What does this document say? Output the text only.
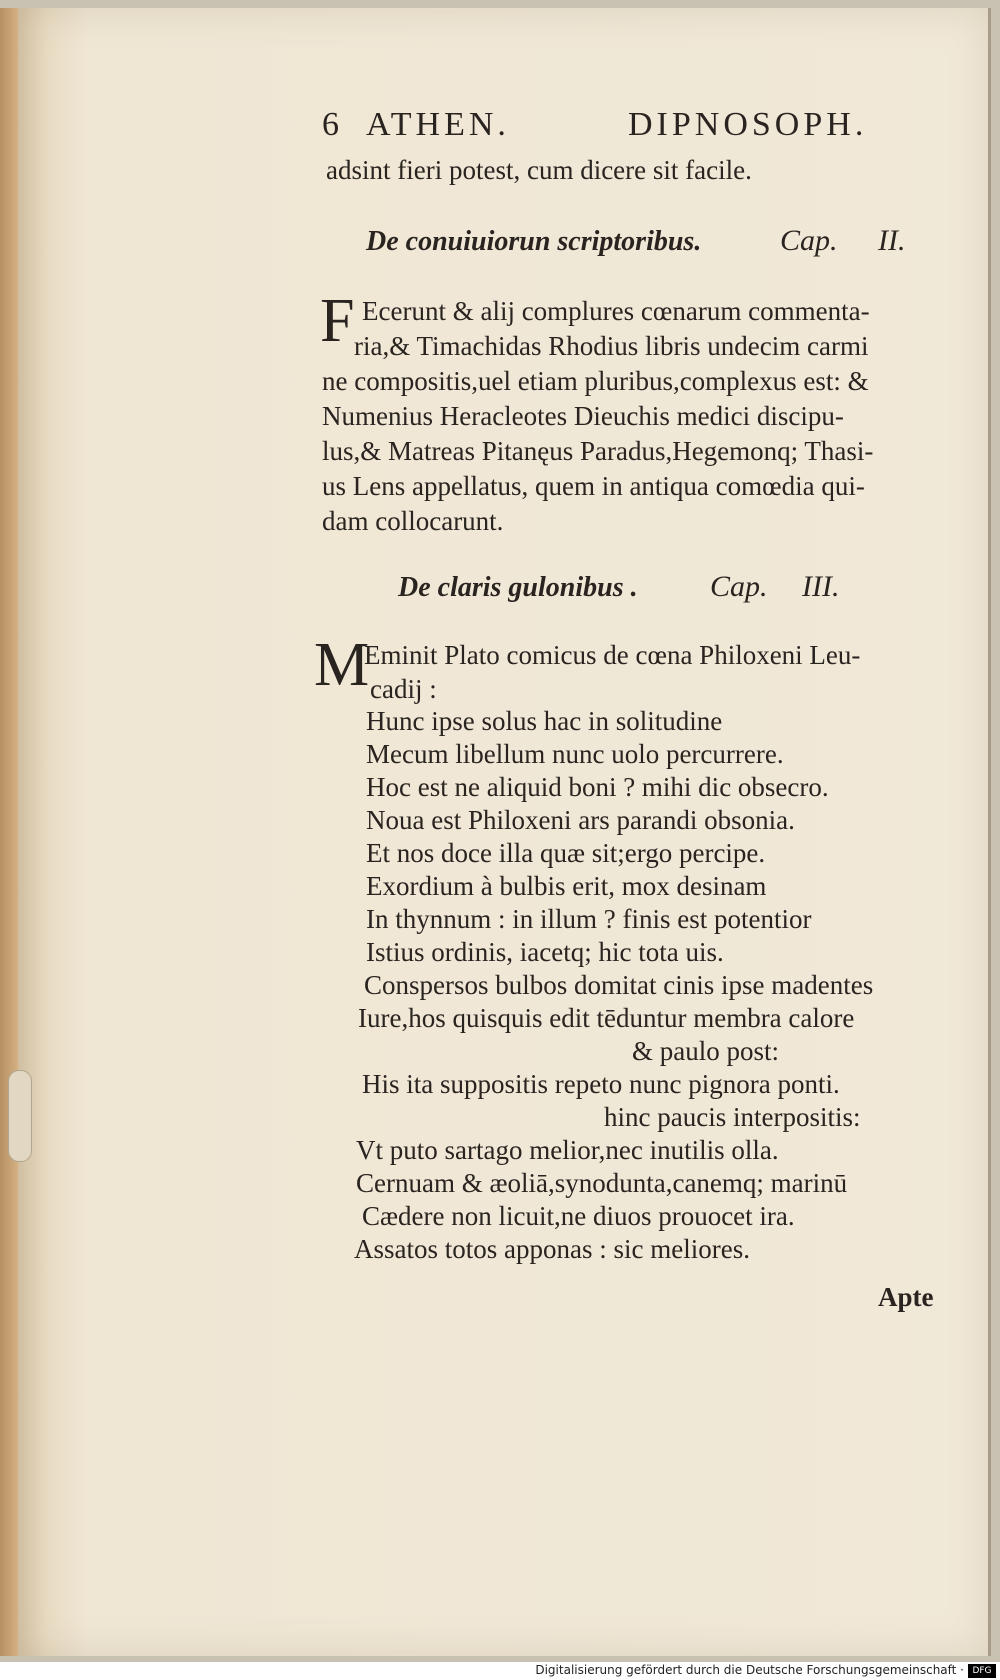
6 ATHEN.	DIPNOSOPH.
adsint fieri potest, cum dicere sit facile.
De conuiuiorun scriptoribus.	Cap. II.
F Ecerunt & alij complures cœnarum commenta-
ria,& Timachidas Rhodius libris undecim carmi
ne compositis,uel etiam pluribus,complexus est: &
Numenius Heracleotes Dieuchis medici discipu-
lus,& Matreas Pitanęus Paradus,Hegemonq; Thasi-
us Lens appellatus, quem in antiqua comœdia qui-
dam collocarunt.
De claris gulonibus . Cap. III.
M
Eminit Plato comicus de cœna Philoxeni Leu-
cadij :
Hunc ipse solus hac in solitudine
Mecum libellum nunc uolo percurrere.
Hoc est ne aliquid boni ? mihi dic obsecro.
Noua est Philoxeni ars parandi obsonia.
Et nos doce illa quæ sit;ergo percipe.
Exordium à bulbis erit, mox desinam
In thynnum : in illum ? finis est potentior
Istius ordinis, iacetq; hic tota uis.
Conspersos bulbos domitat cinis ipse madentes
Iure,hos quisquis edit tēduntur membra calore
& paulo post:
His ita suppositis repeto nunc pignora ponti.
hinc paucis interpositis:
Vt puto sartago melior,nec inutilis olla.
Cernuam & æoliā,synodunta,canemq; marinū
Cædere non licuit,ne diuos prouocet ira.
Assatos totos apponas : sic meliores.
Apte
Digitalisierung gefördert durch die Deutsche Forschungsgemeinschaft · DFG
